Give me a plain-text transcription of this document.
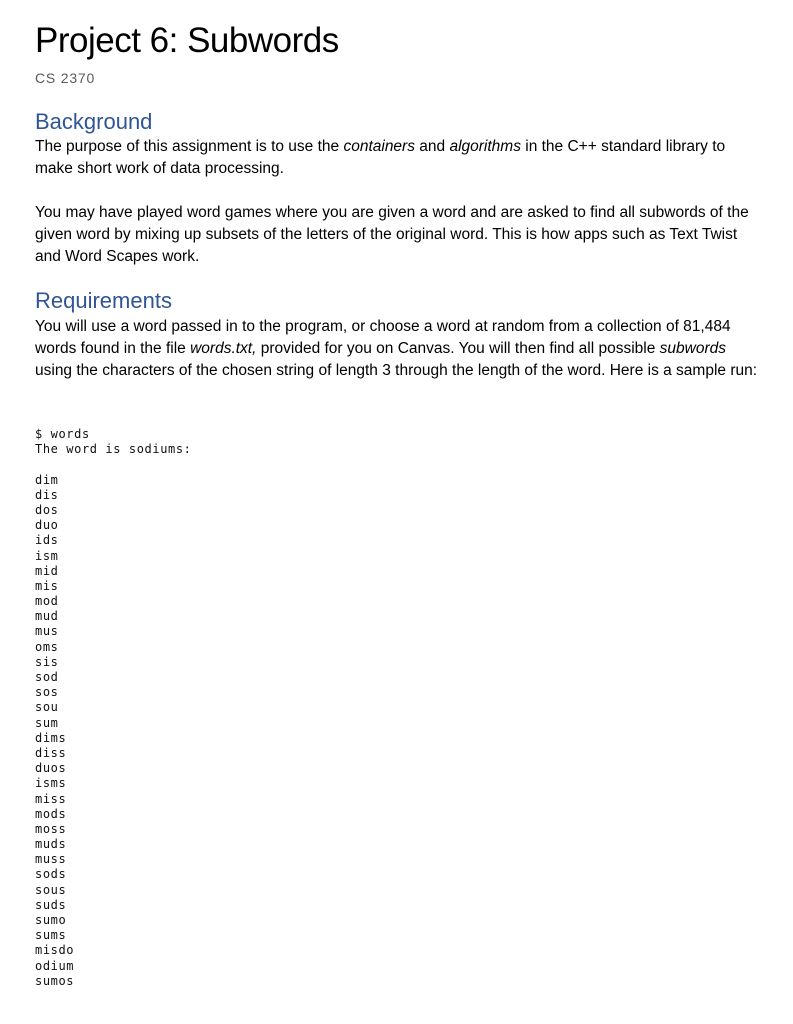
Project 6: Subwords
CS 2370
Background

The purpose of this assignment is to use the containers and algorithms in the C++ standard library to make short work of data processing.

You may have played word games where you are given a word and are asked to find all subwords of the given word by mixing up subsets of the letters of the original word. This is how apps such as Text Twist and Word Scapes work.

Requirements

You will use a word passed in to the program, or choose a word at random from a collection of 81,484 words found in the file words.txt, provided for you on Canvas. You will then find all possible subwords using the characters of the chosen string of length 3 through the length of the word. Here is a sample run:

$ words
The word is sodiums:
dim
dis
dos
duo
ids
ism
mid
mis
mod
mud
mus
oms
sis
sod
sos
sou
sum
dims
diss
duos
isms
miss
mods
moss
muds
muss
sods
sous
suds
sumo
sums
misdo
odium
sumos
